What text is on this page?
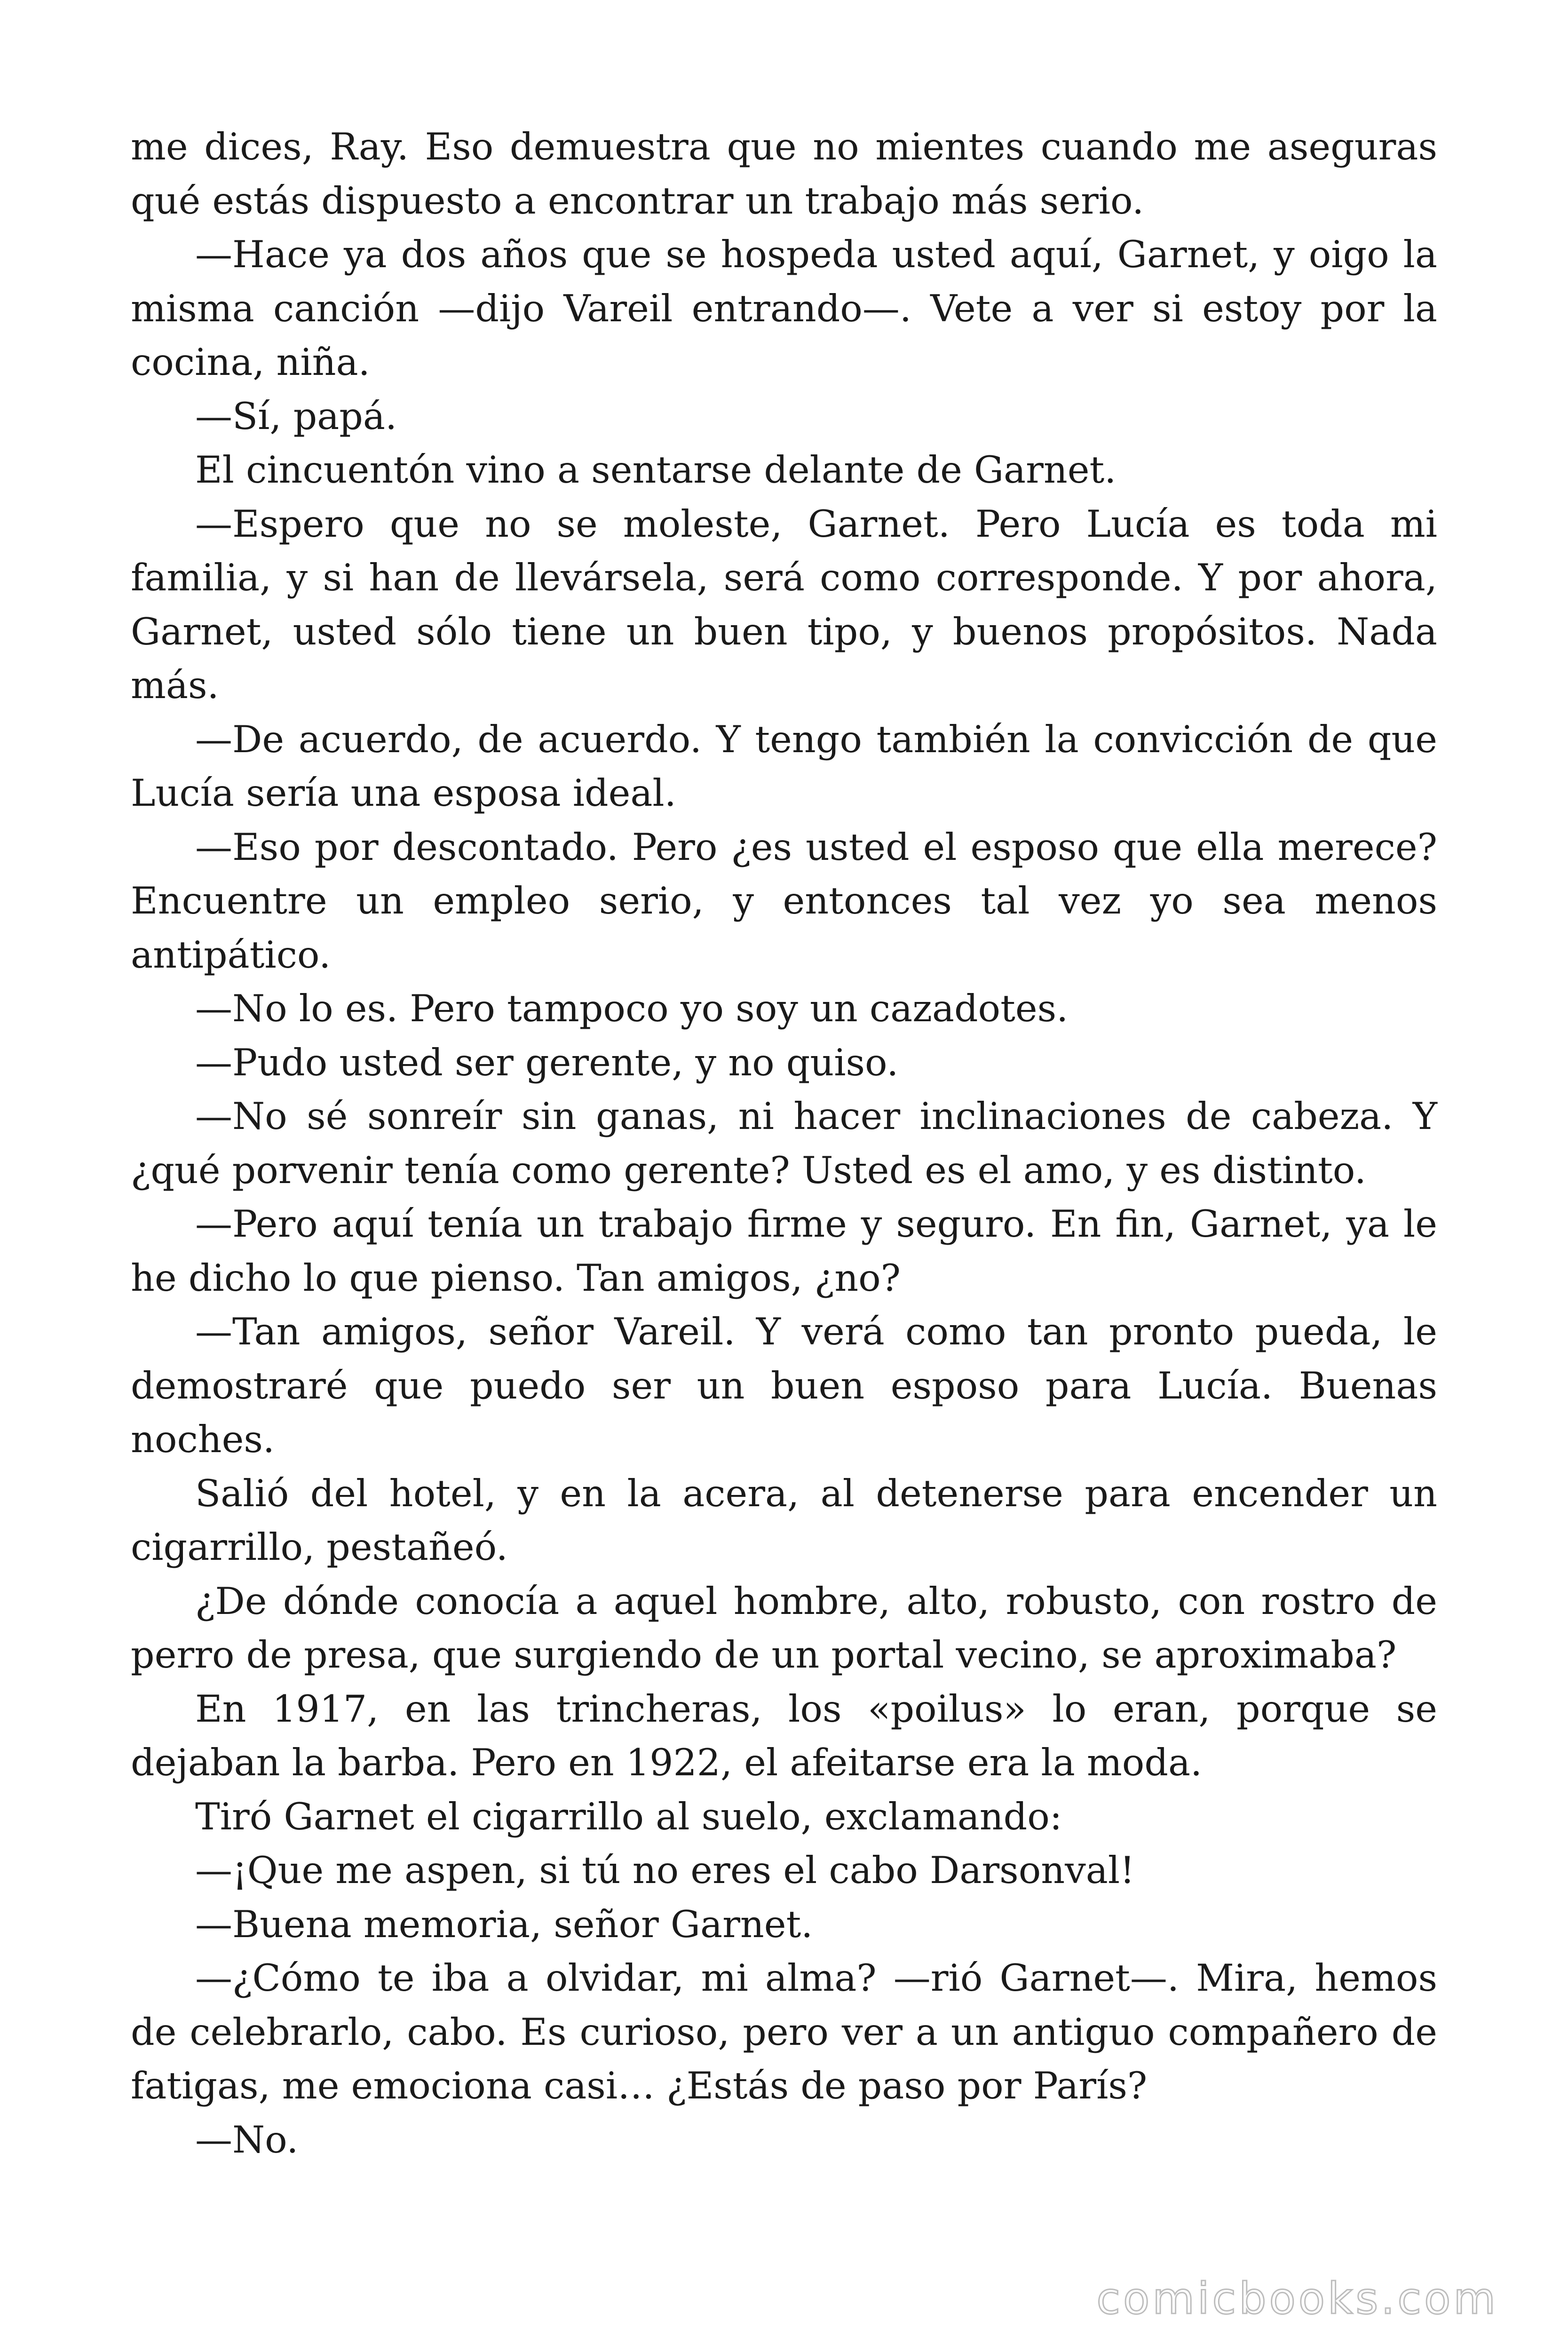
me dices, Ray. Eso demuestra que no mientes cuando me aseguras qué estás dispuesto a encontrar un trabajo más serio.

—Hace ya dos años que se hospeda usted aquí, Garnet, y oigo la misma canción —dijo Vareil entrando—. Vete a ver si estoy por la cocina, niña.

—Sí, papá.

El cincuentón vino a sentarse delante de Garnet.

—Espero que no se moleste, Garnet. Pero Lucía es toda mi familia, y si han de llevársela, será como corresponde. Y por ahora, Garnet, usted sólo tiene un buen tipo, y buenos propósitos. Nada más.

—De acuerdo, de acuerdo. Y tengo también la convicción de que Lucía sería una esposa ideal.

—Eso por descontado. Pero ¿es usted el esposo que ella merece? Encuentre un empleo serio, y entonces tal vez yo sea menos antipático.

—No lo es. Pero tampoco yo soy un cazadotes.

—Pudo usted ser gerente, y no quiso.

—No sé sonreír sin ganas, ni hacer inclinaciones de cabeza. Y ¿qué porvenir tenía como gerente? Usted es el amo, y es distinto.

—Pero aquí tenía un trabajo firme y seguro. En fin, Garnet, ya le he dicho lo que pienso. Tan amigos, ¿no?

—Tan amigos, señor Vareil. Y verá como tan pronto pueda, le demostraré que puedo ser un buen esposo para Lucía. Buenas noches.

Salió del hotel, y en la acera, al detenerse para encender un cigarrillo, pestañeó.

¿De dónde conocía a aquel hombre, alto, robusto, con rostro de perro de presa, que surgiendo de un portal vecino, se aproximaba?

En 1917, en las trincheras, los «poilus» lo eran, porque se dejaban la barba. Pero en 1922, el afeitarse era la moda.

Tiró Garnet el cigarrillo al suelo, exclamando:

—¡Que me aspen, si tú no eres el cabo Darsonval!

—Buena memoria, señor Garnet.

—¿Cómo te iba a olvidar, mi alma? —rió Garnet—. Mira, hemos de celebrarlo, cabo. Es curioso, pero ver a un antiguo compañero de fatigas, me emociona casi… ¿Estás de paso por París?

—No.

comicbooks.com
